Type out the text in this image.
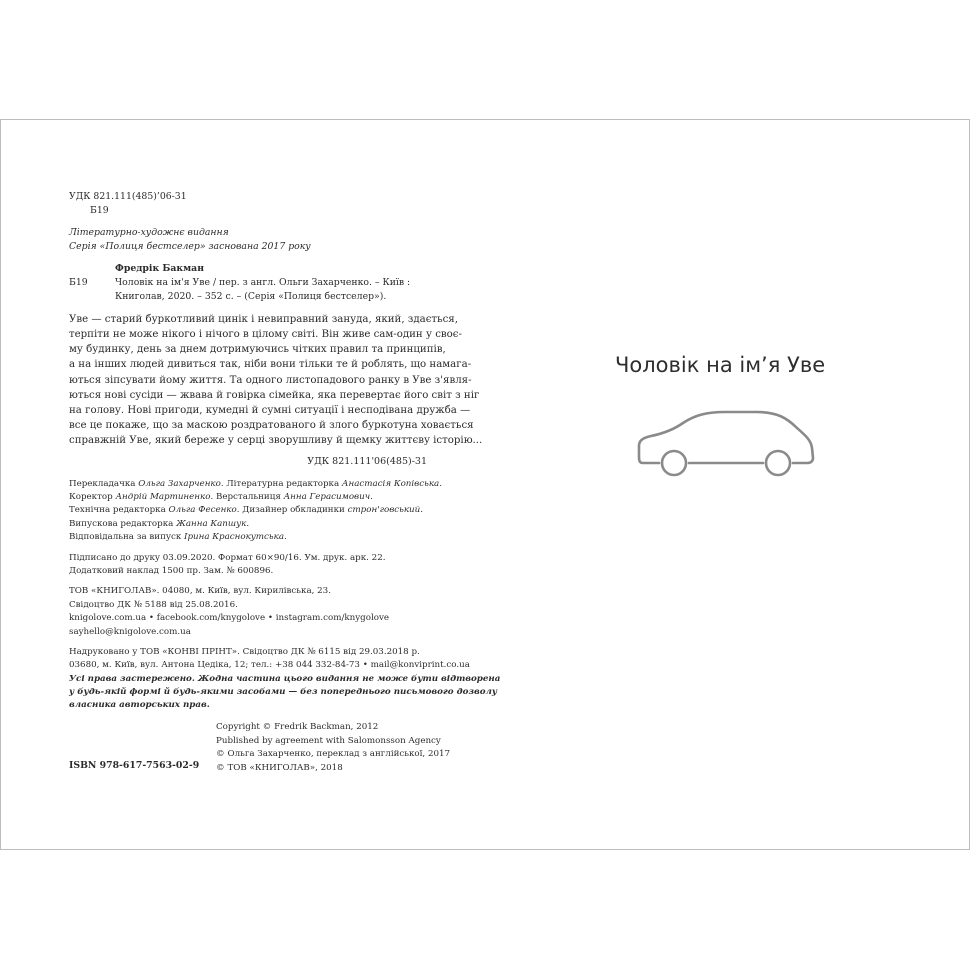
УДК 821.111(485)’06-31
Б19
Літературно-художнє видання
Серія «Полиця бестселер» заснована 2017 року
Фредрік Бакман
Б19	Чоловік на ім'я Уве / пер. з англ. Ольги Захарченко. – Київ :
Книголав, 2020. – 352 с. – (Серія «Полиця бестселер»).
Уве — старий буркотливий цинік і невиправний зануда, який, здається,
терпіти не може нікого і нічого в цілому світі. Він живе сам-один у своє-
му будинку, день за днем дотримуючись чітких правил та принципів,
а на інших людей дивиться так, ніби вони тільки те й роблять, що намага-
ються зіпсувати йому життя. Та одного листопадового ранку в Уве з'явля-
ються нові сусіди — жвава й говірка сімейка, яка перевертає його світ з ніг
на голову. Нові пригоди, кумедні й сумні ситуації і несподівана дружба —
все це покаже, що за маскою роздратованого й злого буркотуна ховається
справжній Уве, який береже у серці зворушливу й щемку життєву історію...
УДК 821.111'06(485)-31
Перекладачка Ольга Захарченко. Літературна редакторка Анастасія Копівська.
Коректор Андрій Мартиненко. Верстальниця Анна Герасимович.
Технічна редакторка Ольга Фесенко. Дизайнер обкладинки строн'говський.
Випускова редакторка Жанна Капшук.
Відповідальна за випуск Ірина Краснокутська.
Підписано до друку 03.09.2020. Формат 60×90/16. Ум. друк. арк. 22.
Додатковий наклад 1500 пр. Зам. № 600896.
ТОВ «КНИГОЛАВ». 04080, м. Київ, вул. Кирилівська, 23.
Свідоцтво ДК № 5188 від 25.08.2016.
knigolove.com.ua • facebook.com/knygolove • instagram.com/knygolove
sayhello@knigolove.com.ua
Надруковано у ТОВ «КОНВІ ПРІНТ». Свідоцтво ДК № 6115 від 29.03.2018 р.
03680, м. Київ, вул. Антона Цедіка, 12; тел.: +38 044 332-84-73 • mail@konviprint.co.ua
Усі права застережено. Жодна частина цього видання не може бути відтворена
у будь-якій формі й будь-якими засобами — без попереднього письмового дозволу
власника авторських прав.
ISBN 978-617-7563-02-9
Copyright © Fredrik Backman, 2012
Published by agreement with Salomonsson Agency
© Ольга Захарченко, переклад з англійської, 2017
© ТОВ «КНИГОЛАВ», 2018
Чоловік на ім’я Уве
